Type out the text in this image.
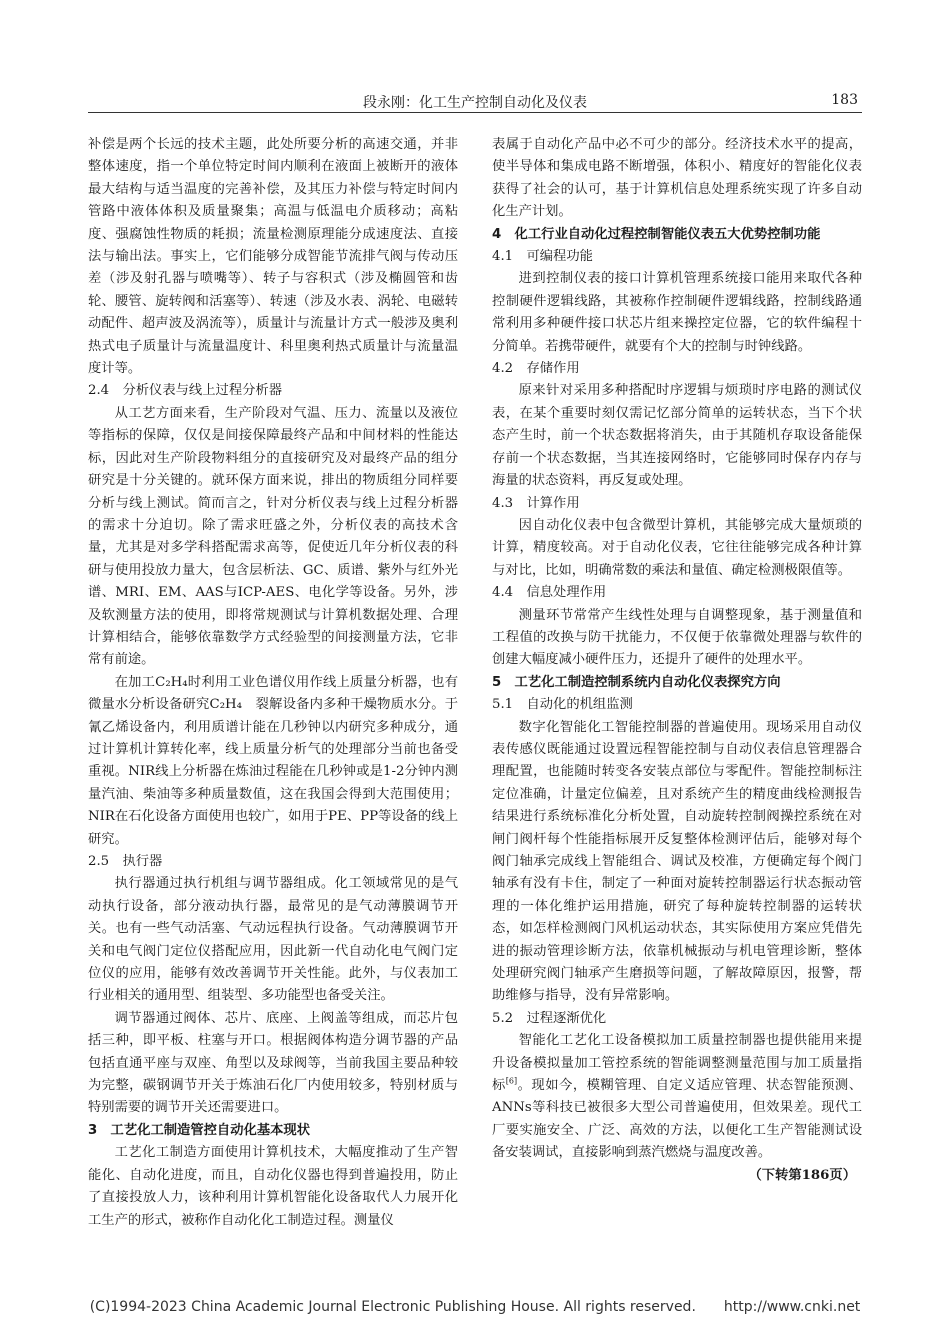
段永刚：化工生产控制自动化及仪表	183

补偿是两个长远的技术主题，此处所要分析的高速交通，并非整体速度，指一个单位特定时间内顺利在液面上被断开的液体最大结构与适当温度的完善补偿，及其压力补偿与特定时间内管路中液体体积及质量聚集；高温与低温电介质移动；高粘度、强腐蚀性物质的耗损；流量检测原理能分成速度法、直接法与输出法。事实上，它们能够分成智能节流排气阀与传动压差（涉及射孔器与喷嘴等）、转子与容积式（涉及椭圆管和齿轮、腰管、旋转阀和活塞等）、转速（涉及水表、涡轮、电磁转动配件、超声波及涡流等），质量计与流量计方式一般涉及奥利热式电子质量计与流量温度计、科里奥利热式质量计与流量温度计等。

2.4　分析仪表与线上过程分析器

从工艺方面来看，生产阶段对气温、压力、流量以及液位等指标的保障，仅仅是间接保障最终产品和中间材料的性能达标，因此对生产阶段物料组分的直接研究及对最终产品的组分研究是十分关键的。就环保方面来说，排出的物质组分同样要分析与线上测试。简而言之，针对分析仪表与线上过程分析器的需求十分迫切。除了需求旺盛之外，分析仪表的高技术含量，尤其是对多学科搭配需求高等，促使近几年分析仪表的科研与使用投放力量大，包含层析法、GC、质谱、紫外与红外光谱、MRI、EM、AAS与ICP-AES、电化学等设备。另外，涉及软测量方法的使用，即将常规测试与计算机数据处理、合理计算相结合，能够依靠数学方式经验型的间接测量方法，它非常有前途。

在加工C₂H₄时利用工业色谱仪用作线上质量分析器，也有微量水分析设备研究C₂H₄　裂解设备内多种干燥物质水分。于氰乙烯设备内，利用质谱计能在几秒钟以内研究多种成分，通过计算机计算转化率，线上质量分析气的处理部分当前也备受重视。NIR线上分析器在炼油过程能在几秒钟或是1-2分钟内测量汽油、柴油等多种质量数值，这在我国会得到大范围使用；NIR在石化设备方面使用也较广，如用于PE、PP等设备的线上研究。

2.5　执行器

执行器通过执行机组与调节器组成。化工领域常见的是气动执行设备，部分液动执行器，最常见的是气动薄膜调节开关。也有一些气动活塞、气动远程执行设备。气动薄膜调节开关和电气阀门定位仪搭配应用，因此新一代自动化电气阀门定位仪的应用，能够有效改善调节开关性能。此外，与仪表加工行业相关的通用型、组装型、多功能型也备受关注。

调节器通过阀体、芯片、底座、上阀盖等组成，而芯片包括三种，即平板、柱塞与开口。根据阀体构造分调节器的产品包括直通平座与双座、角型以及球阀等，当前我国主要品种较为完整，碳钢调节开关于炼油石化厂内使用较多，特别材质与特别需要的调节开关还需要进口。

3　工艺化工制造管控自动化基本现状

工艺化工制造方面使用计算机技术，大幅度推动了生产智能化、自动化进度，而且，自动化仪器也得到普遍投用，防止了直接投放人力，该种利用计算机智能化设备取代人力展开化工生产的形式，被称作自动化化工制造过程。测量仪

表属于自动化产品中必不可少的部分。经济技术水平的提高，使半导体和集成电路不断增强，体积小、精度好的智能化仪表获得了社会的认可，基于计算机信息处理系统实现了许多自动化生产计划。

4　化工行业自动化过程控制智能仪表五大优势控制功能
4.1　可编程功能

进到控制仪表的接口计算机管理系统接口能用来取代各种控制硬件逻辑线路，其被称作控制硬件逻辑线路，控制线路通常利用多种硬件接口状芯片组来操控定位器，它的软件编程十分简单。若携带硬件，就要有个大的控制与时钟线路。

4.2　存储作用

原来针对采用多种搭配时序逻辑与烦琐时序电路的测试仪表，在某个重要时刻仅需记忆部分简单的运转状态，当下个状态产生时，前一个状态数据将消失，由于其随机存取设备能保存前一个状态数据，当其连接网络时，它能够同时保存内存与海量的状态资料，再反复或处理。

4.3　计算作用

因自动化仪表中包含微型计算机，其能够完成大量烦琐的计算，精度较高。对于自动化仪表，它往往能够完成各种计算与对比，比如，明确常数的乘法和量值、确定检测极限值等。

4.4　信息处理作用

测量环节常常产生线性处理与自调整现象，基于测量值和工程值的改换与防干扰能力，不仅便于依靠微处理器与软件的创建大幅度减小硬件压力，还提升了硬件的处理水平。

5　工艺化工制造控制系统内自动化仪表探究方向
5.1　自动化的机组监测

数字化智能化工智能控制器的普遍使用。现场采用自动仪表传感仪既能通过设置远程智能控制与自动仪表信息管理器合理配置，也能随时转变各安装点部位与零配件。智能控制标注定位准确，计量定位偏差，且对系统产生的精度曲线检测报告结果进行系统标准化分析处置，自动旋转控制阀操控系统在对闸门阀杆每个性能指标展开反复整体检测评估后，能够对每个阀门轴承完成线上智能组合、调试及校准，方便确定每个阀门轴承有没有卡住，制定了一种面对旋转控制器运行状态振动管理的一体化维护运用措施，研究了每种旋转控制器的运转状态，如怎样检测阀门风机运动状态，其实际使用方案应凭借先进的振动管理诊断方法，依靠机械振动与机电管理诊断，整体处理研究阀门轴承产生磨损等问题，了解故障原因，报警，帮助维修与指导，没有异常影响。

5.2　过程逐渐优化

智能化工艺化工设备模拟加工质量控制器也提供能用来提升设备模拟量加工管控系统的智能调整测量范围与加工质量指标[6]。现如今，模糊管理、自定义适应管理、状态智能预测、ANNs等科技已被很多大型公司普遍使用，但效果差。现代工厂要实施安全、广泛、高效的方法，以便化工生产智能测试设备安装调试，直接影响到蒸汽燃烧与温度改善。

（下转第186页）
(C)1994-2023 China Academic Journal Electronic Publishing House. All rights reserved.　　http://www.cnki.net
